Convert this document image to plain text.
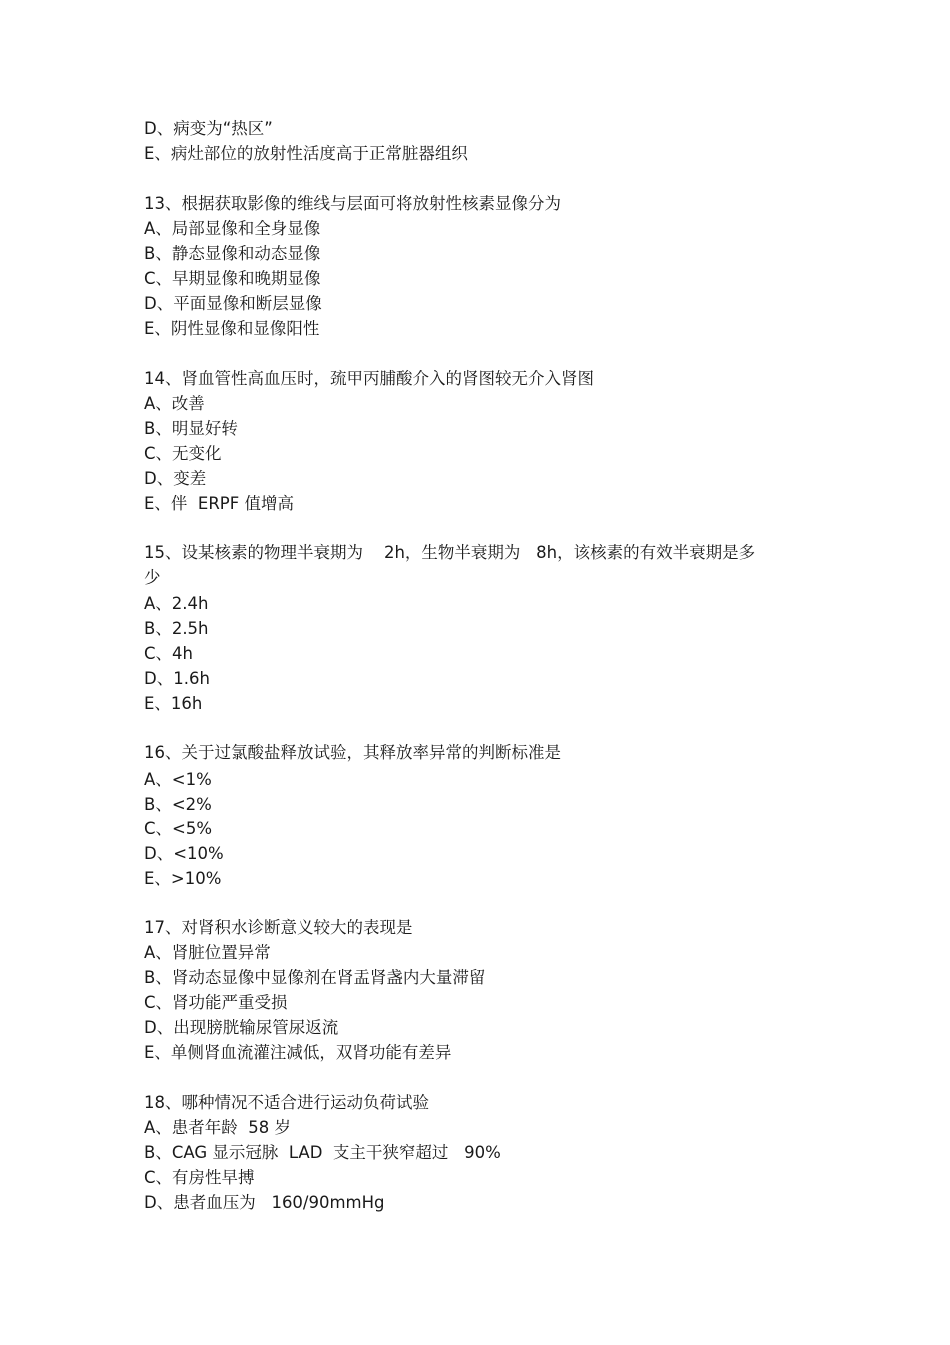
D、病变为“热区”
E、病灶部位的放射性活度高于正常脏器组织
13、根据获取影像的维线与层面可将放射性核素显像分为
A、局部显像和全身显像
B、静态显像和动态显像
C、早期显像和晚期显像
D、平面显像和断层显像
E、阴性显像和显像阳性
14、肾血管性高血压时，巯甲丙脯酸介入的肾图较无介入肾图
A、改善
B、明显好转
C、无变化
D、变差
E、伴  ERPF 值增高
15、设某核素的物理半衰期为    2h，生物半衰期为   8h，该核素的有效半衰期是多
少
A、2.4h
B、2.5h
C、4h
D、1.6h
E、16h
16、关于过氯酸盐释放试验，其释放率异常的判断标准是
A、<1%
B、<2%
C、<5%
D、<10%
E、>10%
17、对肾积水诊断意义较大的表现是
A、肾脏位置异常
B、肾动态显像中显像剂在肾盂肾盏内大量滞留
C、肾功能严重受损
D、出现膀胱输尿管尿返流
E、单侧肾血流灌注减低，双肾功能有差异
18、哪种情况不适合进行运动负荷试验
A、患者年龄  58 岁
B、CAG 显示冠脉  LAD  支主干狭窄超过   90%
C、有房性早搏
D、患者血压为   160/90mmHg
